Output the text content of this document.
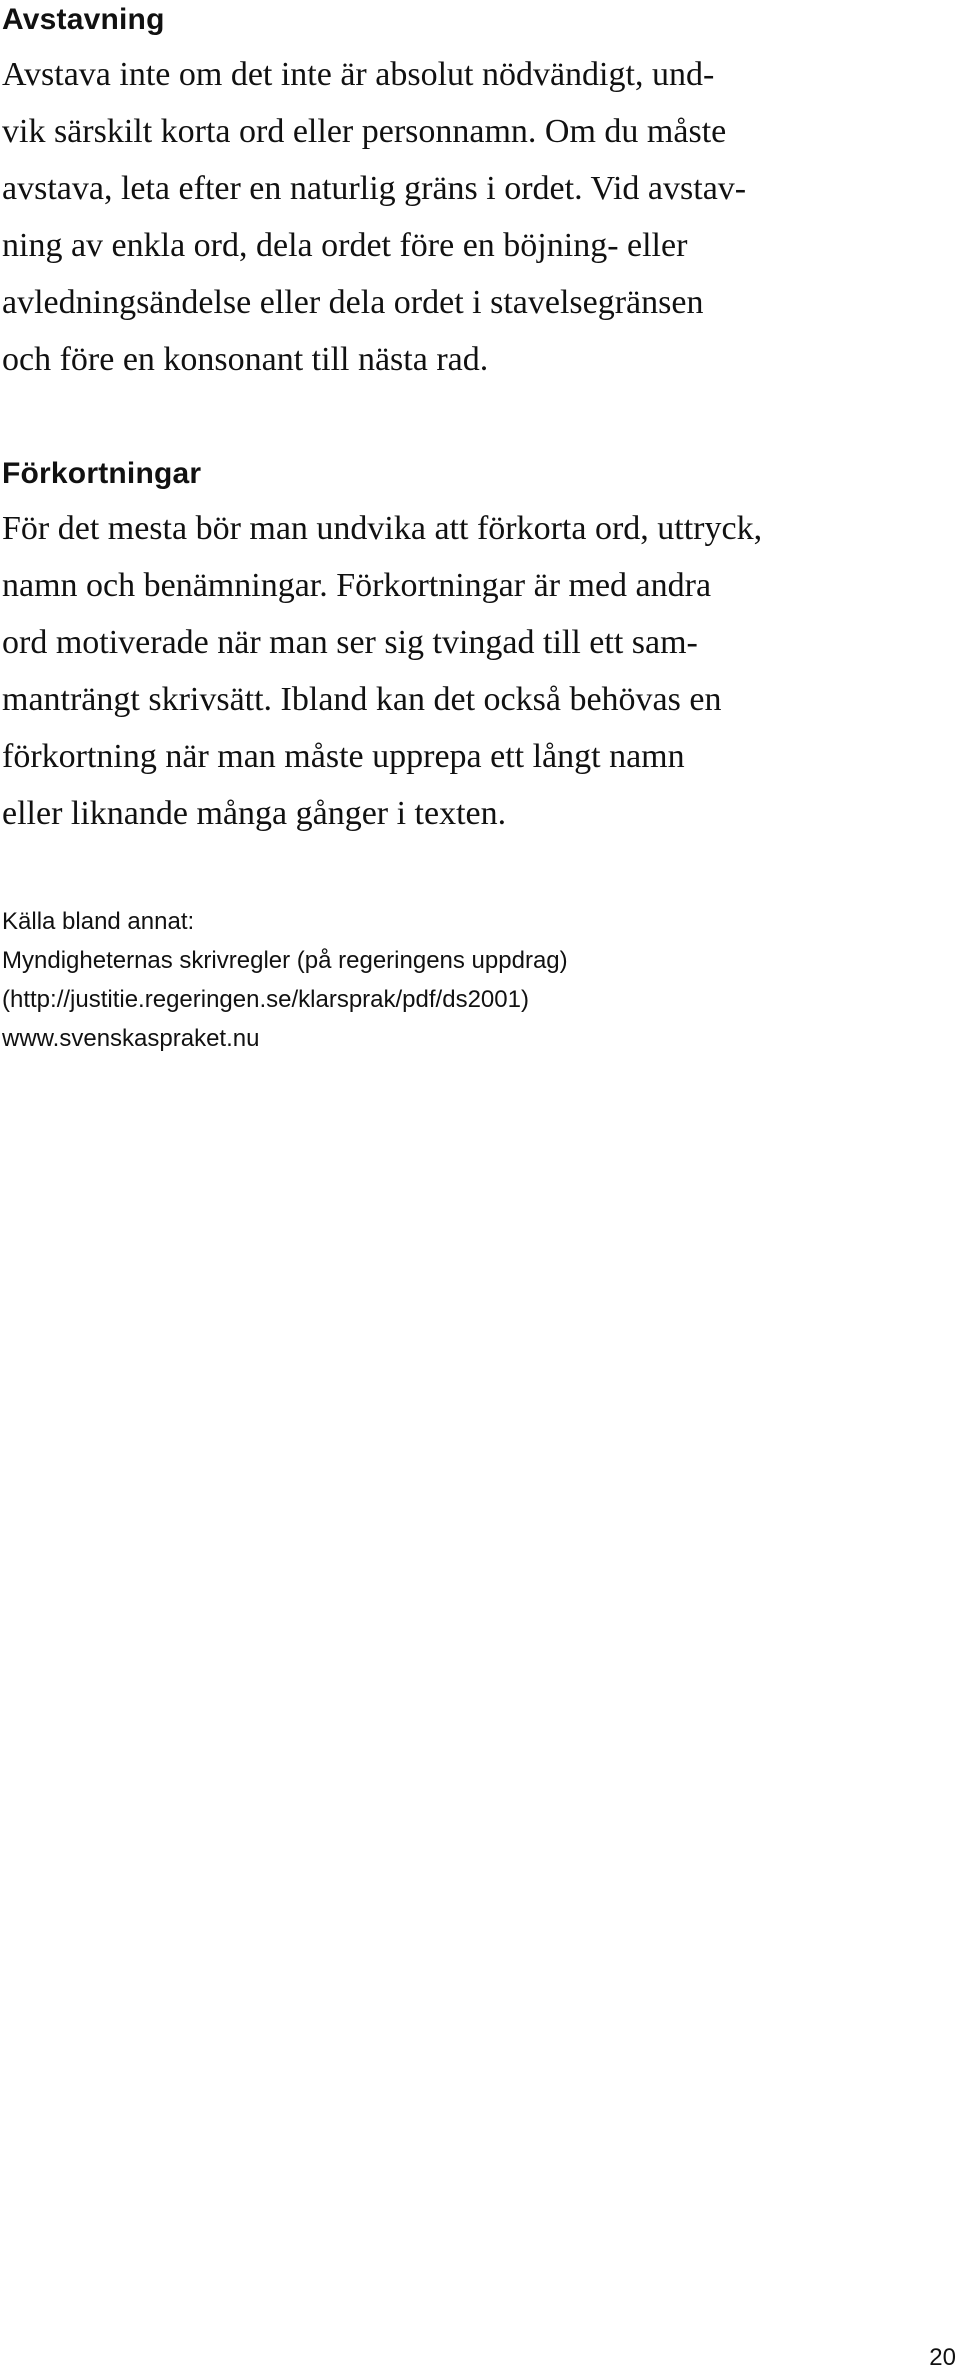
Avstavning

Avstava inte om det inte är absolut nödvändigt, und-
vik särskilt korta ord eller personnamn. Om du måste
avstava, leta efter en naturlig gräns i ordet. Vid avstav-
ning av enkla ord, dela ordet före en böjning- eller
avledningsändelse eller dela ordet i stavelsegränsen
och före en konsonant till nästa rad.

Förkortningar

För det mesta bör man undvika att förkorta ord, uttryck,
namn och benämningar. Förkortningar är med andra
ord motiverade när man ser sig tvingad till ett sam-
manträngt skrivsätt. Ibland kan det också behövas en
förkortning när man måste upprepa ett långt namn
eller liknande många gånger i texten.

Källa bland annat:
Myndigheternas skrivregler (på regeringens uppdrag)
(http://justitie.regeringen.se/klarsprak/pdf/ds2001)
www.svenskaspraket.nu
20
